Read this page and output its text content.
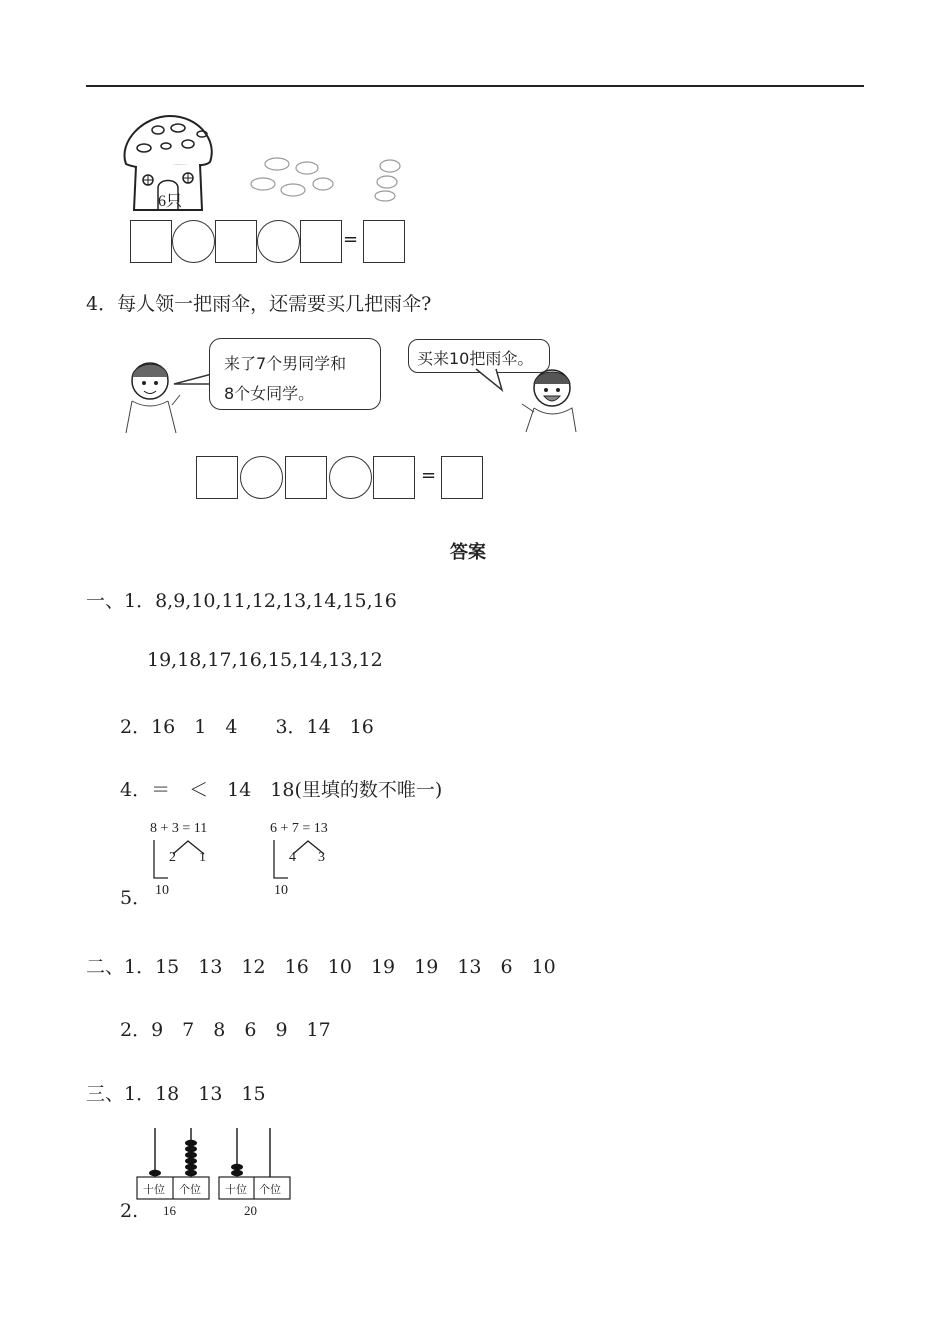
6只
=
4．每人领一把雨伞，还需要买几把雨伞?
来了7个男同学和
8个女同学。
买来10把雨伞。
=
答案
一、1．8,9,10,11,12,13,14,15,16
19,18,17,16,15,14,13,12
2．16　1　4　　3．14　16
4．＝　＜　14　18(里填的数不唯一)
5．
8 + 3 = 11
2 1
10
6 + 7 = 13
4 3
10
二、1．15　13　12　16　10　19　19　13　6　10
2．9　7　8　6　9　17
三、1．18　13　15
2.
十位 个位
16
十位 个位
20
